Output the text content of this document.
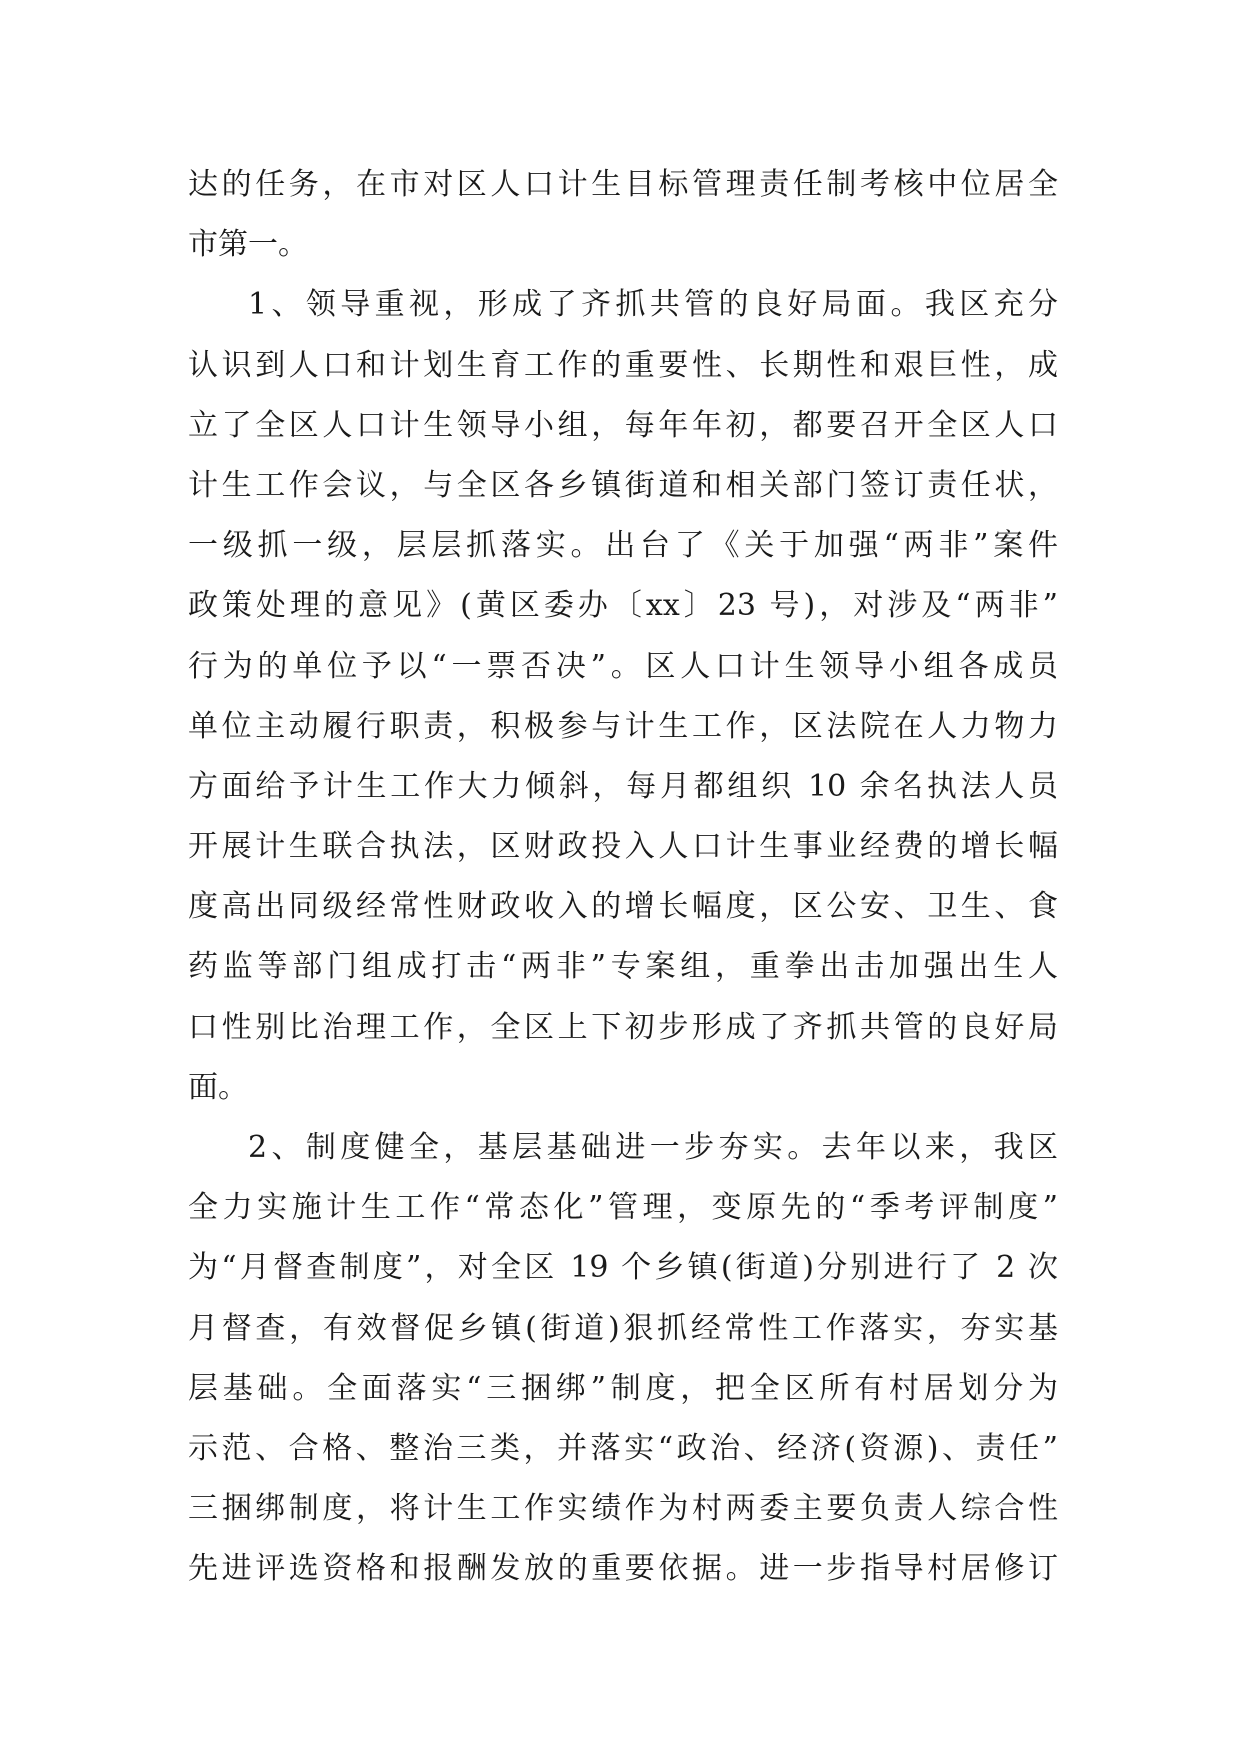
达的任务，在市对区人口计生目标管理责任制考核中位居全
市第一。
1、领导重视，形成了齐抓共管的良好局面。我区充分
认识到人口和计划生育工作的重要性、长期性和艰巨性，成
立了全区人口计生领导小组，每年年初，都要召开全区人口
计生工作会议，与全区各乡镇街道和相关部门签订责任状，
一级抓一级，层层抓落实。出台了《关于加强“两非”案件
政策处理的意见》(黄区委办〔xx〕23 号)，对涉及“两非”
行为的单位予以“一票否决”。区人口计生领导小组各成员
单位主动履行职责，积极参与计生工作，区法院在人力物力
方面给予计生工作大力倾斜，每月都组织 10 余名执法人员
开展计生联合执法，区财政投入人口计生事业经费的增长幅
度高出同级经常性财政收入的增长幅度，区公安、卫生、食
药监等部门组成打击“两非”专案组，重拳出击加强出生人
口性别比治理工作，全区上下初步形成了齐抓共管的良好局
面。
2、制度健全，基层基础进一步夯实。去年以来，我区
全力实施计生工作“常态化”管理，变原先的“季考评制度”
为“月督查制度”，对全区 19 个乡镇(街道)分别进行了 2 次
月督查，有效督促乡镇(街道)狠抓经常性工作落实，夯实基
层基础。全面落实“三捆绑”制度，把全区所有村居划分为
示范、合格、整治三类，并落实“政治、经济(资源)、责任”
三捆绑制度，将计生工作实绩作为村两委主要负责人综合性
先进评选资格和报酬发放的重要依据。进一步指导村居修订
